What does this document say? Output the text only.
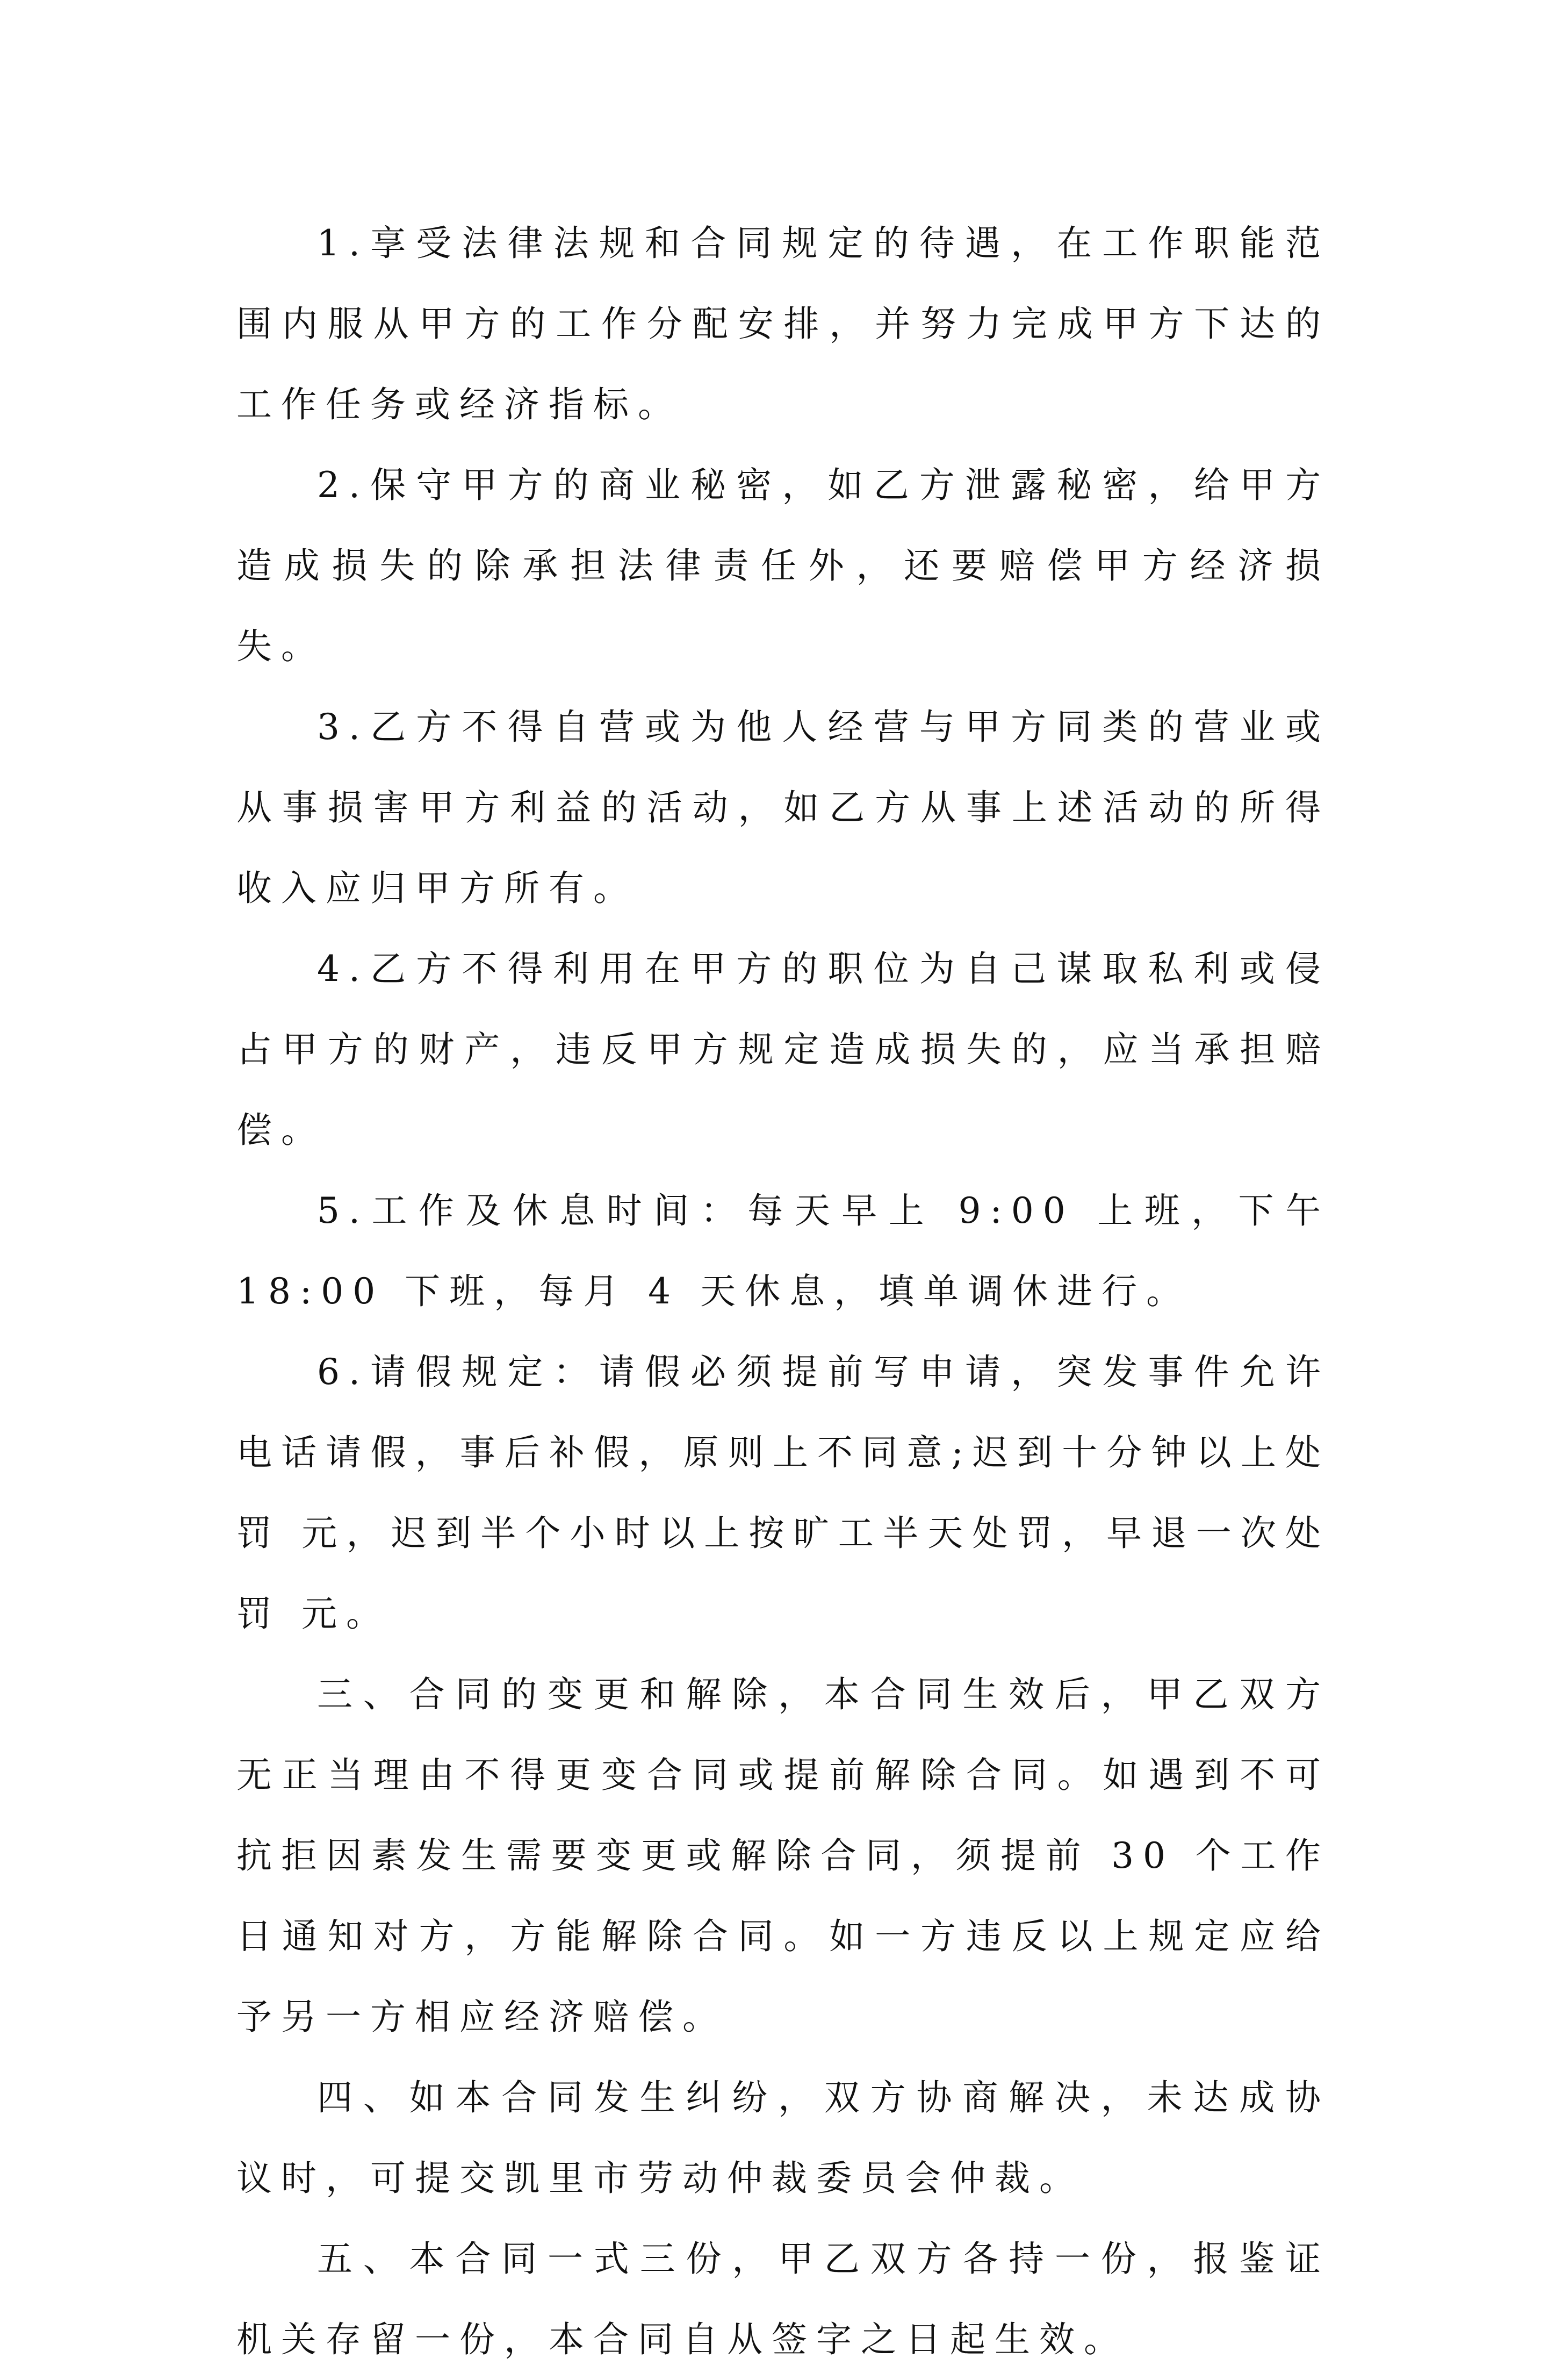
1.享受法律法规和合同规定的待遇，在工作职能范围内服从甲方的工作分配安排，并努力完成甲方下达的工作任务或经济指标。

2.保守甲方的商业秘密，如乙方泄露秘密，给甲方造成损失的除承担法律责任外，还要赔偿甲方经济损失。

3.乙方不得自营或为他人经营与甲方同类的营业或从事损害甲方利益的活动，如乙方从事上述活动的所得收入应归甲方所有。

4.乙方不得利用在甲方的职位为自己谋取私利或侵占甲方的财产，违反甲方规定造成损失的，应当承担赔偿。

5.工作及休息时间：每天早上 9:00 上班，下午 18:00 下班，每月 4 天休息，填单调休进行。

6.请假规定：请假必须提前写申请，突发事件允许电话请假，事后补假，原则上不同意;迟到十分钟以上处罚 元，迟到半个小时以上按旷工半天处罚，早退一次处罚 元。

三、合同的变更和解除，本合同生效后，甲乙双方无正当理由不得更变合同或提前解除合同。如遇到不可抗拒因素发生需要变更或解除合同，须提前 30 个工作日通知对方，方能解除合同。如一方违反以上规定应给予另一方相应经济赔偿。

四、如本合同发生纠纷，双方协商解决，未达成协议时，可提交凯里市劳动仲裁委员会仲裁。

五、本合同一式三份，甲乙双方各持一份，报鉴证机关存留一份，本合同自从签字之日起生效。
